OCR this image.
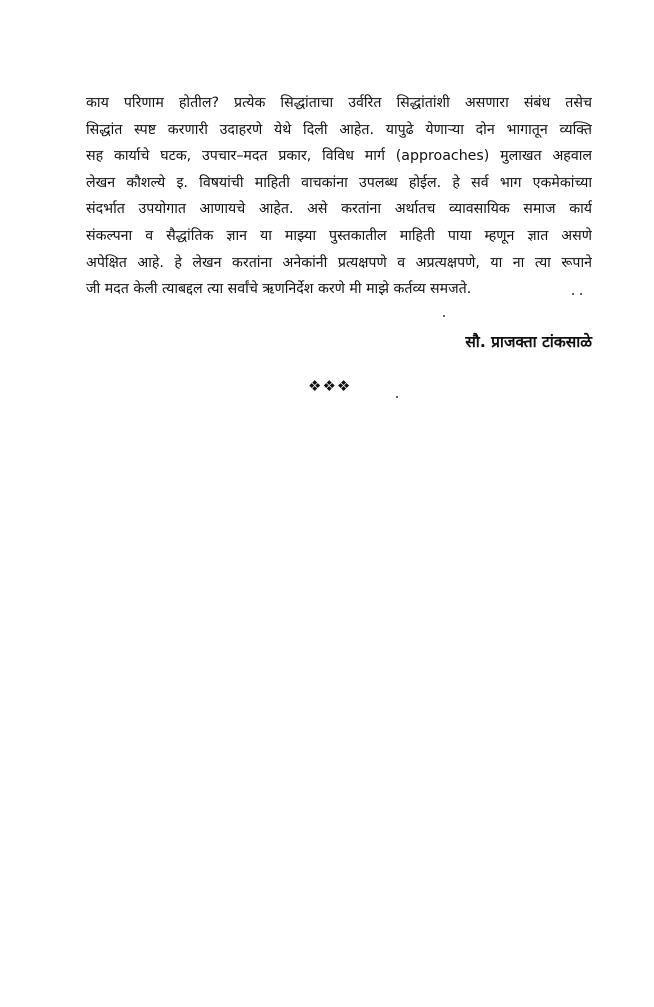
काय परिणाम होतील? प्रत्येक सिद्धांताचा उर्वरित सिद्धांतांशी असणारा संबंध तसेच
सिद्धांत स्पष्ट करणारी उदाहरणे येथे दिली आहेत. यापुढे येणाऱ्या दोन भागातून व्यक्ति
सह कार्याचे घटक, उपचार–मदत प्रकार, विविध मार्ग (approaches) मुलाखत अहवाल
लेखन कौशल्ये इ. विषयांची माहिती वाचकांना उपलब्ध होईल. हे सर्व भाग एकमेकांच्या
संदर्भात उपयोगात आणायचे आहेत. असे करतांना अर्थातच व्यावसायिक समाज कार्य
संकल्पना व सैद्धांतिक ज्ञान या माझ्या पुस्तकातील माहिती पाया म्हणून ज्ञात असणे
अपेक्षित आहे. हे लेखन करतांना अनेकांनी प्रत्यक्षपणे व अप्रत्यक्षपणे, या ना त्या रूपाने
जी मदत केली त्याबद्दल त्या सर्वांचे ऋणनिर्देश करणे मी माझे कर्तव्य समजते.
सौ. प्राजक्ता टांकसाळे
❖❖❖
